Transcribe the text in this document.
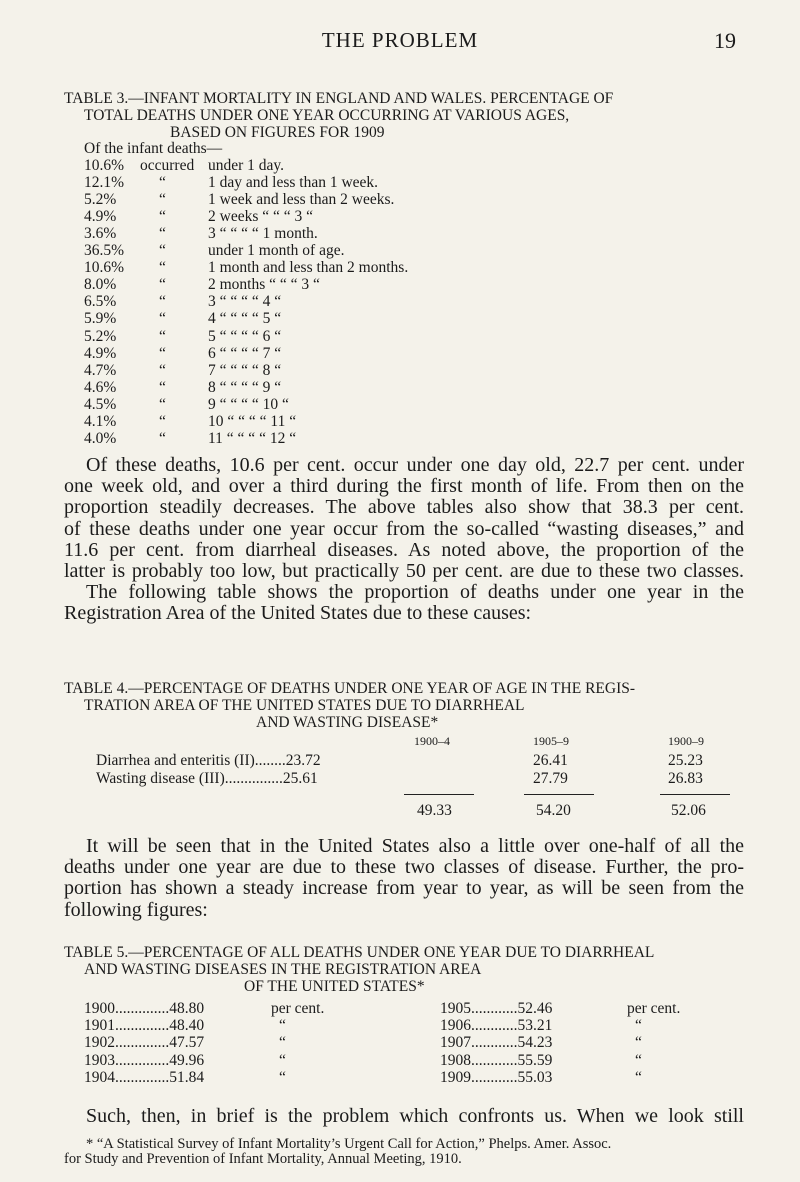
THE PROBLEM	19
TABLE 3.—INFANT MORTALITY IN ENGLAND AND WALES. PERCENTAGE OF
TOTAL DEATHS UNDER ONE YEAR OCCURRING AT VARIOUS AGES,
BASED ON FIGURES FOR 1909
Of the infant deaths—
10.6% occurred under 1 day.
12.1% “	1 day and less than 1 week.
5.2%	“	1 week and less than 2 weeks.
4.9%	“	2 weeks “ “ “ 3 “
3.6%	“	3 “ “ “ “ 1 month.
36.5% “	under 1 month of age.
10.6% “	1 month and less than 2 months.
8.0%	“	2 months “ “ “ 3 “
6.5%	“	3 “ “ “ “ 4 “
5.9%	“	4 “ “ “ “ 5 “
5.2%	“	5 “ “ “ “ 6 “
4.9%	“	6 “ “ “ “ 7 “
4.7%	“	7 “ “ “ “ 8 “
4.6%	“	8 “ “ “ “ 9 “
4.5%	“	9 “ “ “ “ 10 “
4.1%	“	10 “ “ “ “ 11 “
4.0%	“	11 “ “ “ “ 12 “
Of these deaths, 10.6 per cent. occur under one day old, 22.7 per cent. under
one week old, and over a third during the first month of life. From then on the
proportion steadily decreases. The above tables also show that 38.3 per cent.
of these deaths under one year occur from the so-called “wasting diseases,” and
11.6 per cent. from diarrheal diseases. As noted above, the proportion of the
latter is probably too low, but practically 50 per cent. are due to these two classes.
The following table shows the proportion of deaths under one year in the
Registration Area of the United States due to these causes:
TABLE 4.—PERCENTAGE OF DEATHS UNDER ONE YEAR OF AGE IN THE REGIS-
TRATION AREA OF THE UNITED STATES DUE TO DIARRHEAL
AND WASTING DISEASE*
1900–4	1905–9	1900–9
Diarrhea and enteritis (II)........23.72	26.41	25.23
Wasting disease (III)...............25.61	27.79	26.83
49.33	54.20	52.06
It will be seen that in the United States also a little over one-half of all the
deaths under one year are due to these two classes of disease. Further, the pro-
portion has shown a steady increase from year to year, as will be seen from the
following figures:
TABLE 5.—PERCENTAGE OF ALL DEATHS UNDER ONE YEAR DUE TO DIARRHEAL
AND WASTING DISEASES IN THE REGISTRATION AREA
OF THE UNITED STATES*
1900..............48.80	per cent.
1901..............48.40	“
1902..............47.57	“
1903..............49.96	“
1904..............51.84	“
1905............52.46	per cent.
1906............53.21	“
1907............54.23	“
1908............55.59	“
1909............55.03	“
Such, then, in brief is the problem which confronts us. When we look still
* “A Statistical Survey of Infant Mortality’s Urgent Call for Action,” Phelps. Amer. Assoc.
for Study and Prevention of Infant Mortality, Annual Meeting, 1910.
